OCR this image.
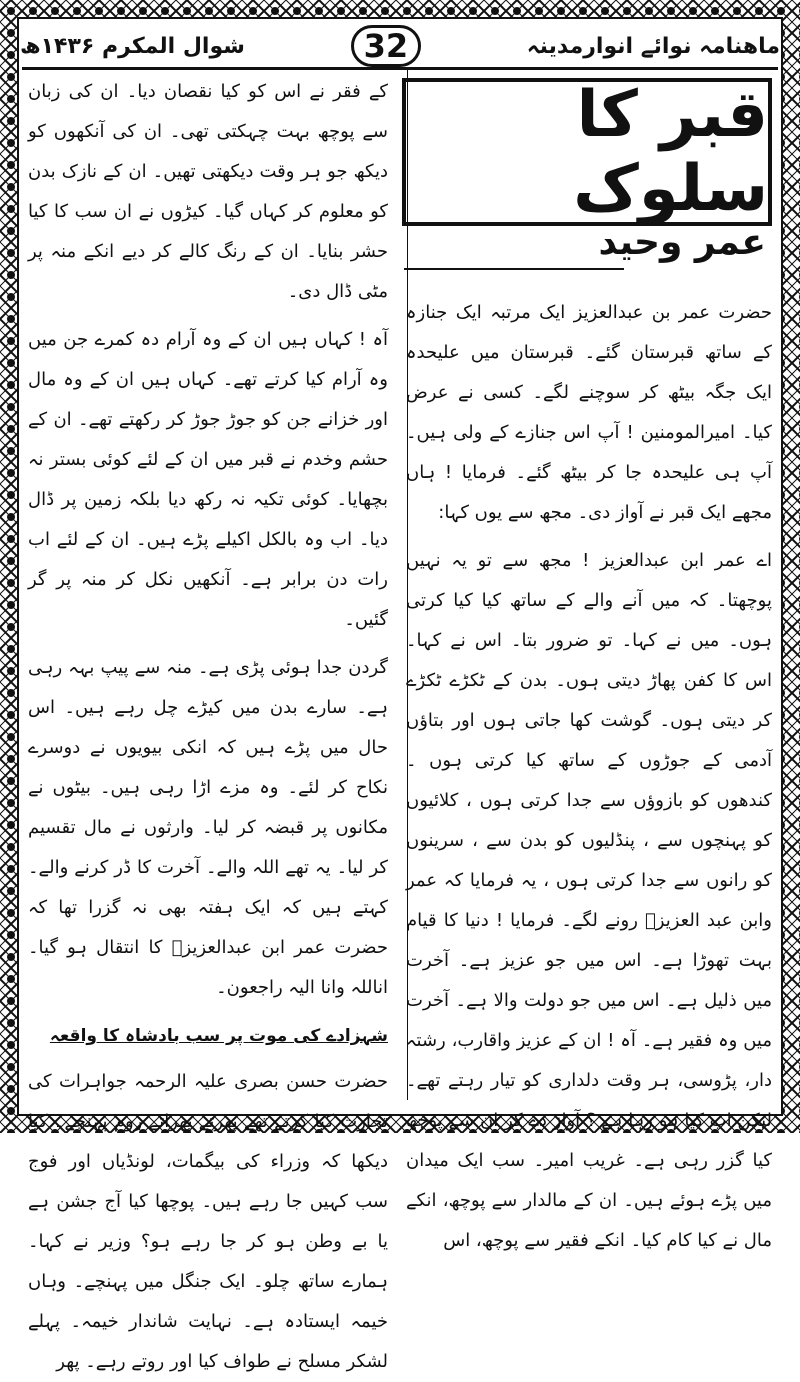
شوال المکرم ۱۴۳۶ھ	32	ماھنامہ نوائے انوارمدینہ
قبر کا سلوک
عمر وحید

حضرت عمر بن عبدالعزیز ایک مرتبہ ایک جنازہ کے ساتھ قبرستان گئے۔ قبرستان میں علیحدہ ایک جگہ بیٹھ کر سوچنے لگے۔ کسی نے عرض کیا۔ امیرالمومنین ! آپ اس جنازے کے ولی ہیں۔ آپ ہی علیحدہ جا کر بیٹھ گئے۔ فرمایا ! ہاں مجھے ایک قبر نے آواز دی۔ مجھ سے یوں کہا:

اے عمر ابن عبدالعزیز ! مجھ سے تو یہ نہیں پوچھتا۔ کہ میں آنے والے کے ساتھ کیا کیا کرتی ہوں۔ میں نے کہا۔ تو ضرور بتا۔ اس نے کہا۔ اس کا کفن پھاڑ دیتی ہوں۔ بدن کے ٹکڑے ٹکڑے کر دیتی ہوں۔ گوشت کھا جاتی ہوں اور بتاؤں آدمی کے جوڑوں کے ساتھ کیا کرتی ہوں ۔ کندھوں کو بازوؤں سے جدا کرتی ہوں ، کلائیوں کو پہنچوں سے ، پنڈلیوں کو بدن سے ، سرینوں کو رانوں سے جدا کرتی ہوں ، یہ فرمایا کہ عمر وابن عبد العزیزؒ رونے لگے۔ فرمایا ! دنیا کا قیام بہت تھوڑا ہے۔ اس میں جو عزیز ہے۔ آخرت میں ذلیل ہے۔ اس میں جو دولت والا ہے۔ آخرت میں وہ فقیر ہے۔ آہ ! ان کے عزیز واقارب، رشتہ دار، پڑوسی، ہر وقت دلداری کو تیار رہتے تھے۔ لیکن اب کیا ہو رہا ہے ؟ آواز دے کر ان سے پوچھ کیا گزر رہی ہے۔ غریب امیر۔ سب ایک میدان میں پڑے ہوئے ہیں۔ ان کے مالدار سے پوچھ، انکے مال نے کیا کام کیا۔ انکے فقیر سے پوچھ، اس

کے فقر نے اس کو کیا نقصان دیا۔ ان کی زبان سے پوچھ بہت چہکتی تھی۔ ان کی آنکھوں کو دیکھ جو ہر وقت دیکھتی تھیں۔ ان کے نازک بدن کو معلوم کر کہاں گیا۔ کیڑوں نے ان سب کا کیا حشر بنایا۔ ان کے رنگ کالے کر دیے انکے منہ پر مٹی ڈال دی۔

آہ ! کہاں ہیں ان کے وہ آرام دہ کمرے جن میں وہ آرام کیا کرتے تھے۔ کہاں ہیں ان کے وہ مال اور خزانے جن کو جوڑ جوڑ کر رکھتے تھے۔ ان کے حشم وخدم نے قبر میں ان کے لئے کوئی بستر نہ بچھایا۔ کوئی تکیہ نہ رکھ دیا بلکہ زمین پر ڈال دیا۔ اب وہ بالکل اکیلے پڑے ہیں۔ ان کے لئے اب رات دن برابر ہے۔ آنکھیں نکل کر منہ پر گر گئیں۔

گردن جدا ہوئی پڑی ہے۔ منہ سے پیپ بہہ رہی ہے۔ سارے بدن میں کیڑے چل رہے ہیں۔ اس حال میں پڑے ہیں کہ انکی بیویوں نے دوسرے نکاح کر لئے۔ وہ مزے اڑا رہی ہیں۔ بیٹوں نے مکانوں پر قبضہ کر لیا۔ وارثوں نے مال تقسیم کر لیا۔ یہ تھے اللہ والے۔ آخرت کا ڈر کرنے والے۔ کہتے ہیں کہ ایک ہفتہ بھی نہ گزرا تھا کہ حضرت عمر ابن عبدالعزیزؒ کا انتقال ہو گیا۔ اناللہ وانا الیہ راجعون۔

شہزادے کی موت پر سب بادشاہ کا واقعہ

حضرت حسن بصری علیہ الرحمہ جواہرات کی تجارت کیا کرتے تھے پھرتے پھراتے روم پہنچے۔ کیا دیکھا کہ وزراء کی بیگمات، لونڈیاں اور فوج سب کہیں جا رہے ہیں۔ پوچھا کیا آج جشن ہے یا بے وطن ہو کر جا رہے ہو؟ وزیر نے کہا۔ ہمارے ساتھ چلو۔ ایک جنگل میں پہنچے۔ وہاں خیمہ ایستادہ ہے۔ نہایت شاندار خیمہ۔ پہلے لشکر مسلح نے طواف کیا اور روتے رہے۔ پھر
